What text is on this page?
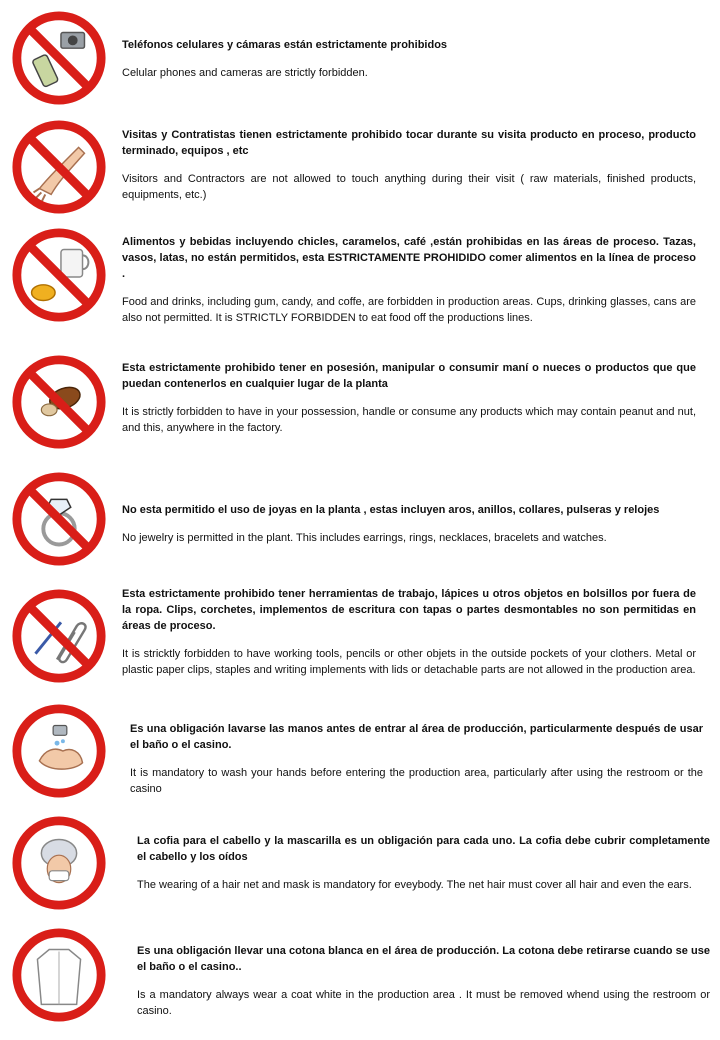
Teléfonos celulares y cámaras están estrictamente prohibidos

Celular phones and cameras are strictly forbidden.

Visitas y Contratistas tienen estrictamente prohibido tocar durante su visita producto en proceso, producto terminado, equipos , etc

Visitors and Contractors are not allowed to touch anything during their visit ( raw materials, finished products, equipments, etc.)

Alimentos y bebidas incluyendo chicles, caramelos, café ,están prohibidas en las áreas de proceso. Tazas, vasos, latas, no están permitidos, esta ESTRICTAMENTE PROHIDIDO comer alimentos en la línea de proceso .

Food and drinks, including gum, candy, and coffe, are forbidden in production areas. Cups, drinking glasses, cans are also not permitted. It is STRICTLY FORBIDDEN to eat food off the productions lines.

Esta estrictamente prohibido tener en posesión, manipular o consumir maní o nueces o productos que que puedan contenerlos en cualquier lugar de la planta

It is strictly forbidden to have in your possession, handle or consume any products which may contain peanut and nut, and this, anywhere in the factory.

No esta permitido el uso de joyas en la planta , estas incluyen aros, anillos, collares, pulseras y relojes

No jewelry is permitted in the plant. This includes earrings, rings, necklaces, bracelets and watches.

Esta estrictamente prohibido tener herramientas de trabajo, lápices u otros objetos en bolsillos por fuera de la ropa. Clips, corchetes, implementos de escritura con tapas o partes desmontables no son permitidas en áreas de proceso.

It is stricktly forbidden to have working tools, pencils or other objets in the outside pockets of your clothers. Metal or plastic paper clips, staples and writing implements with lids or detachable parts are not allowed in the production area.

Es una obligación lavarse las manos antes de entrar al área de producción, particularmente después de usar el baño o el casino.

It is mandatory to wash your hands before entering the production area, particularly after using the restroom or the casino

La cofia para el cabello y la mascarilla es un obligación para cada uno. La cofia debe cubrir completamente el cabello y los oídos

The wearing of a hair net and mask is mandatory for eveybody. The net hair must cover all hair and even the ears.

Es una obligación llevar una cotona blanca en el área de producción. La cotona debe retirarse cuando se use el baño o el casino..

Is a mandatory always wear a coat white in the production area . It must be removed whend using the restroom or casino.
